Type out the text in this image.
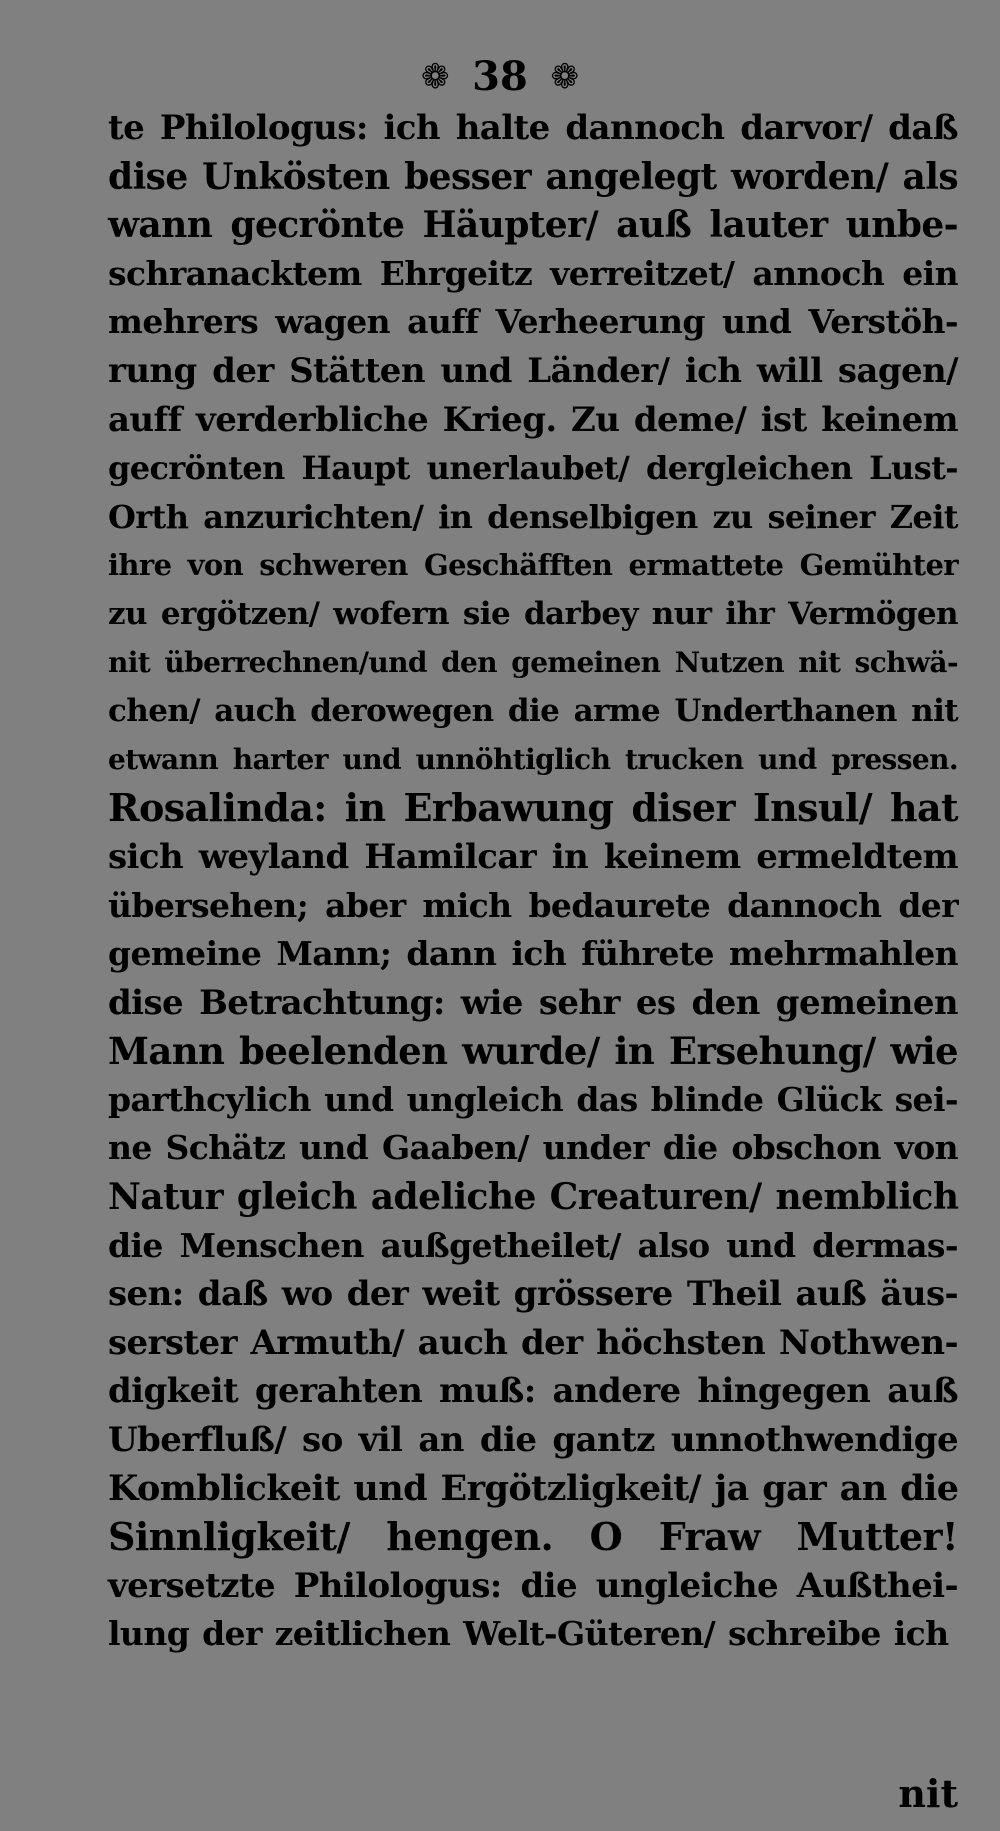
❁ 38 ❁
te Philologus: ich halte dannoch darvor/ daß
dise Unkösten besser angelegt worden/ als
wann gecrönte Häupter/ auß lauter unbe-
schranacktem Ehrgeitz verreitzet/ annoch ein
mehrers wagen auff Verheerung und Verstöh-
rung der Stätten und Länder/ ich will sagen/
auff verderbliche Krieg. Zu deme/ ist keinem
gecrönten Haupt unerlaubet/ dergleichen Lust-
Orth anzurichten/ in denselbigen zu seiner Zeit
ihre von schweren Geschäfften ermattete Gemühter
zu ergötzen/ wofern sie darbey nur ihr Vermögen
nit überrechnen/und den gemeinen Nutzen nit schwä-
chen/ auch derowegen die arme Underthanen nit
etwann harter und unnöhtiglich trucken und pressen.
Rosalinda: in Erbawung diser Insul/ hat
sich weyland Hamilcar in keinem ermeldtem
übersehen; aber mich bedaurete dannoch der
gemeine Mann; dann ich führete mehrmahlen
dise Betrachtung: wie sehr es den gemeinen
Mann beelenden wurde/ in Ersehung/ wie
parthcylich und ungleich das blinde Glück sei-
ne Schätz und Gaaben/ under die obschon von
Natur gleich adeliche Creaturen/ nemblich
die Menschen außgetheilet/ also und dermas-
sen: daß wo der weit grössere Theil auß äus-
serster Armuth/ auch der höchsten Nothwen-
digkeit gerahten muß: andere hingegen auß
Uberfluß/ so vil an die gantz unnothwendige
Komblickeit und Ergötzligkeit/ ja gar an die
Sinnligkeit/ hengen. O Fraw Mutter!
versetzte Philologus: die ungleiche Außthei-
lung der zeitlichen Welt-Güteren/ schreibe ich
nit
